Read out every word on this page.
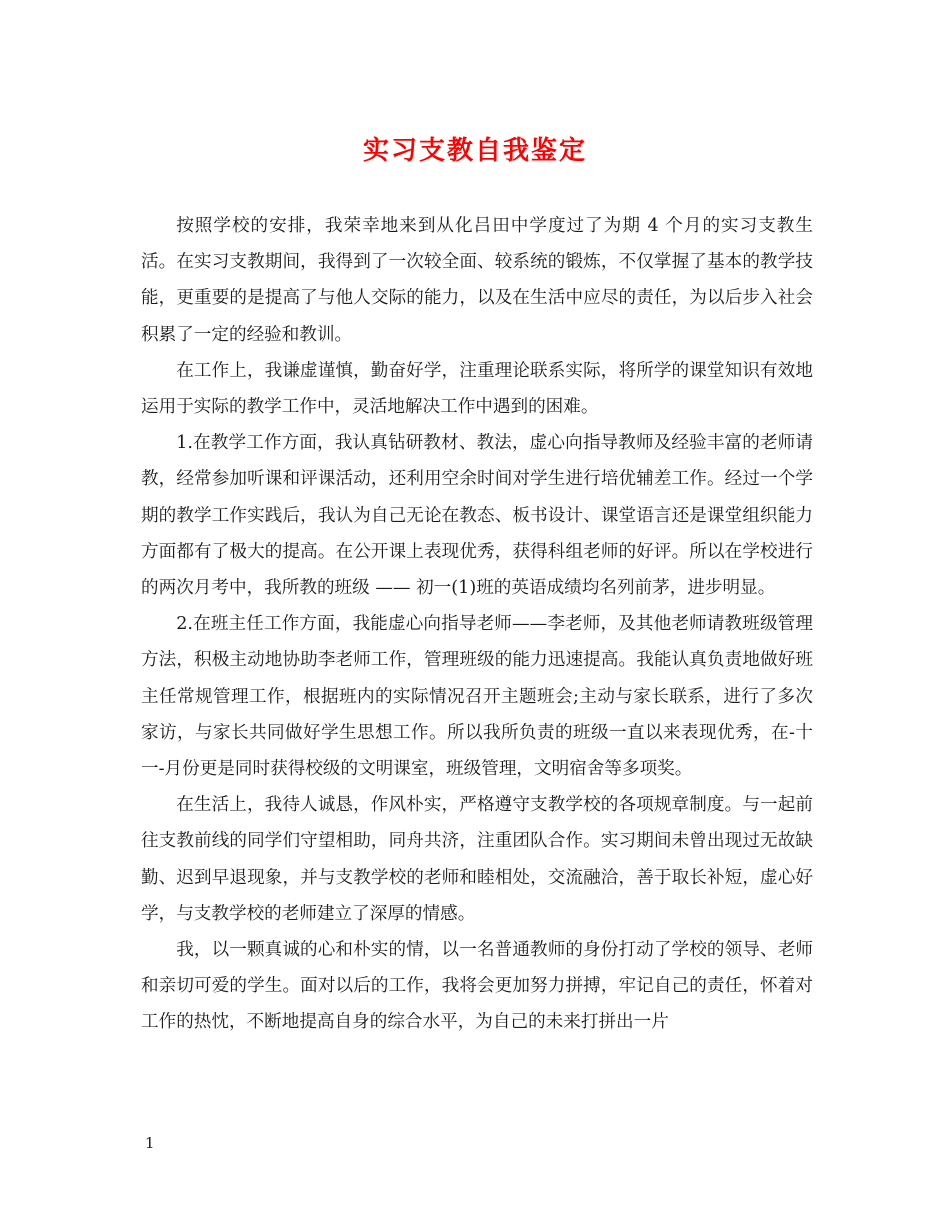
实习支教自我鉴定

按照学校的安排，我荣幸地来到从化吕田中学度过了为期 4 个月的实习支教生活。在实习支教期间，我得到了一次较全面、较系统的锻炼，不仅掌握了基本的教学技能，更重要的是提高了与他人交际的能力，以及在生活中应尽的责任，为以后步入社会积累了一定的经验和教训。

在工作上，我谦虚谨慎，勤奋好学，注重理论联系实际，将所学的课堂知识有效地运用于实际的教学工作中，灵活地解决工作中遇到的困难。

1.在教学工作方面，我认真钻研教材、教法，虚心向指导教师及经验丰富的老师请教，经常参加听课和评课活动，还利用空余时间对学生进行培优辅差工作。经过一个学期的教学工作实践后，我认为自己无论在教态、板书设计、课堂语言还是课堂组织能力方面都有了极大的提高。在公开课上表现优秀，获得科组老师的好评。所以在学校进行的两次月考中，我所教的班级 —— 初一(1)班的英语成绩均名列前茅，进步明显。

2.在班主任工作方面，我能虚心向指导老师——李老师，及其他老师请教班级管理方法，积极主动地协助李老师工作，管理班级的能力迅速提高。我能认真负责地做好班主任常规管理工作，根据班内的实际情况召开主题班会;主动与家长联系，进行了多次家访，与家长共同做好学生思想工作。所以我所负责的班级一直以来表现优秀，在-十一-月份更是同时获得校级的文明课室，班级管理，文明宿舍等多项奖。

在生活上，我待人诚恳，作风朴实，严格遵守支教学校的各项规章制度。与一起前往支教前线的同学们守望相助，同舟共济，注重团队合作。实习期间未曾出现过无故缺勤、迟到早退现象，并与支教学校的老师和睦相处，交流融洽，善于取长补短，虚心好学，与支教学校的老师建立了深厚的情感。

我，以一颗真诚的心和朴实的情，以一名普通教师的身份打动了学校的领导、老师和亲切可爱的学生。面对以后的工作，我将会更加努力拼搏，牢记自己的责任，怀着对工作的热忱，不断地提高自身的综合水平，为自己的未来打拼出一片

1
